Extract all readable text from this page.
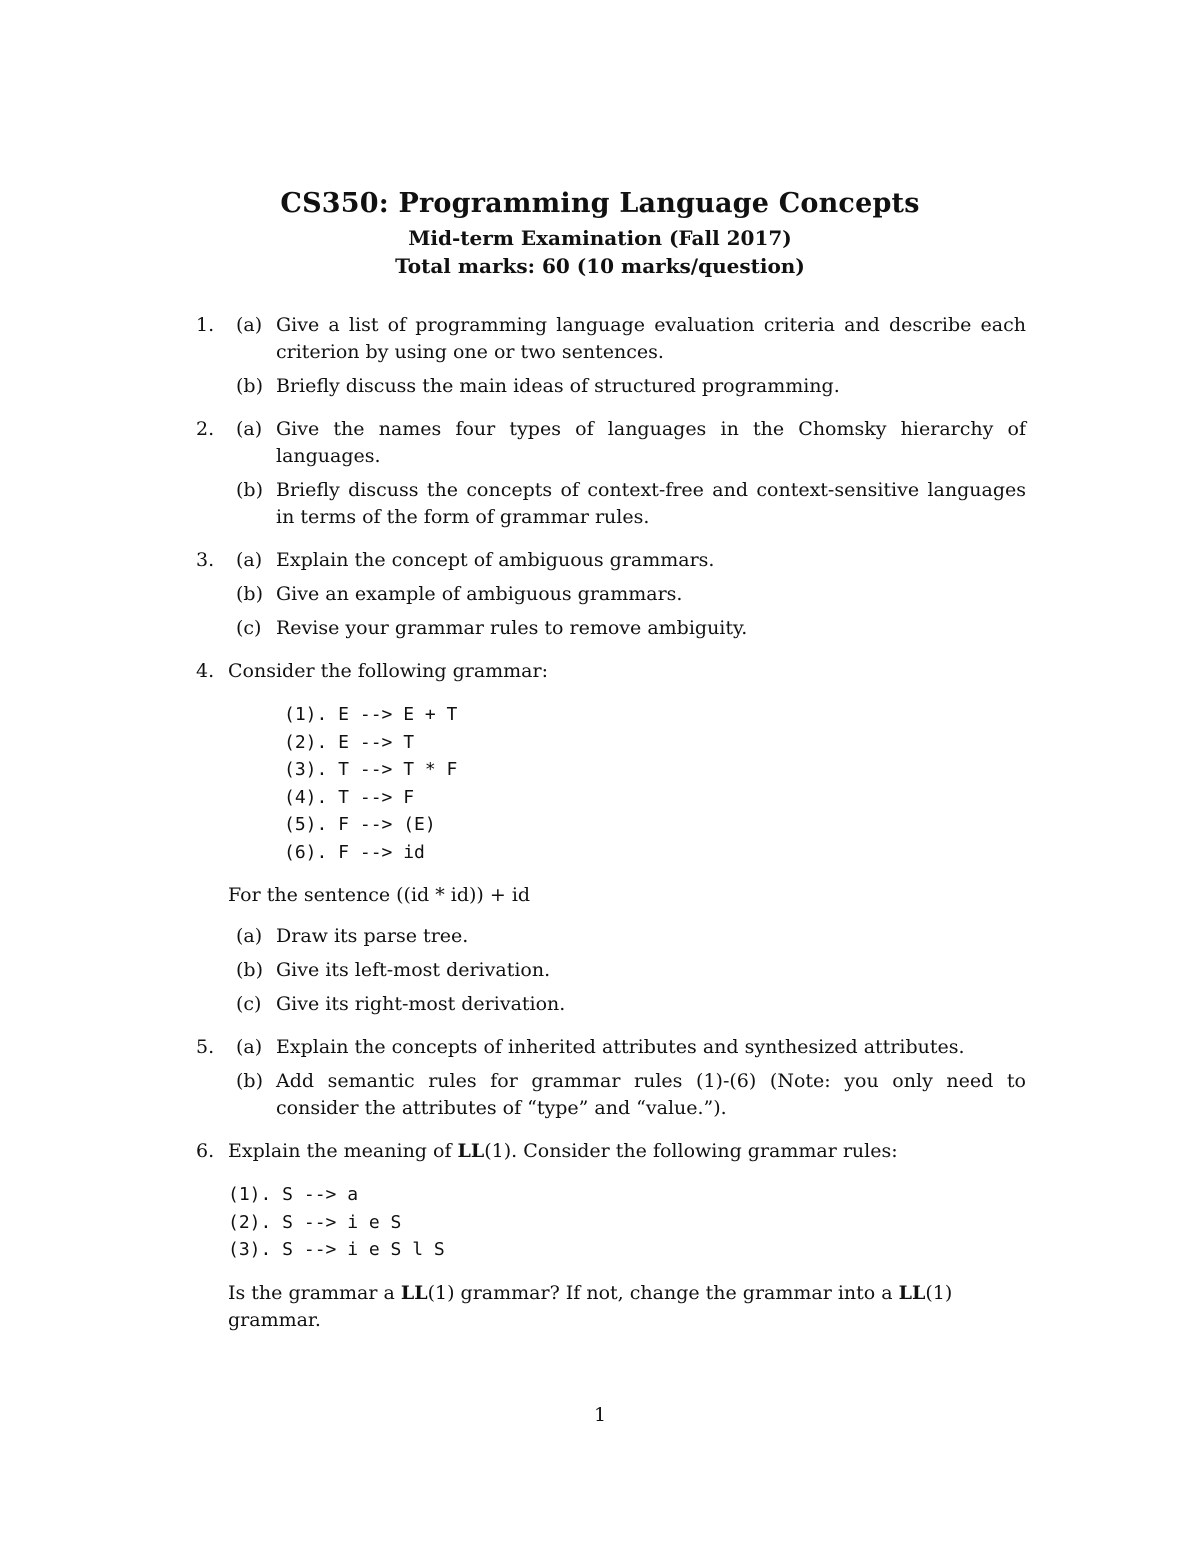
CS350: Programming Language Concepts
Mid-term Examination (Fall 2017)
Total marks: 60 (10 marks/question)
1. (a) Give a list of programming language evaluation criteria and describe each criterion by using one or two sentences.
(b) Briefly discuss the main ideas of structured programming.
2. (a) Give the names four types of languages in the Chomsky hierarchy of languages.
(b) Briefly discuss the concepts of context-free and context-sensitive languages in terms of the form of grammar rules.
3. (a) Explain the concept of ambiguous grammars.
(b) Give an example of ambiguous grammars.
(c) Revise your grammar rules to remove ambiguity.
4. Consider the following grammar:
(1). E --> E + T
(2). E --> T
(3). T --> T * F
(4). T --> F
(5). F --> (E)
(6). F --> id
For the sentence ((id * id)) + id
(a) Draw its parse tree.
(b) Give its left-most derivation.
(c) Give its right-most derivation.
5. (a) Explain the concepts of inherited attributes and synthesized attributes.
(b) Add semantic rules for grammar rules (1)-(6) (Note: you only need to consider the attributes of “type” and “value.”).
6. Explain the meaning of LL(1). Consider the following grammar rules:
(1). S --> a
(2). S --> i e S
(3). S --> i e S l S
Is the grammar a LL(1) grammar? If not, change the grammar into a LL(1) grammar.
1
